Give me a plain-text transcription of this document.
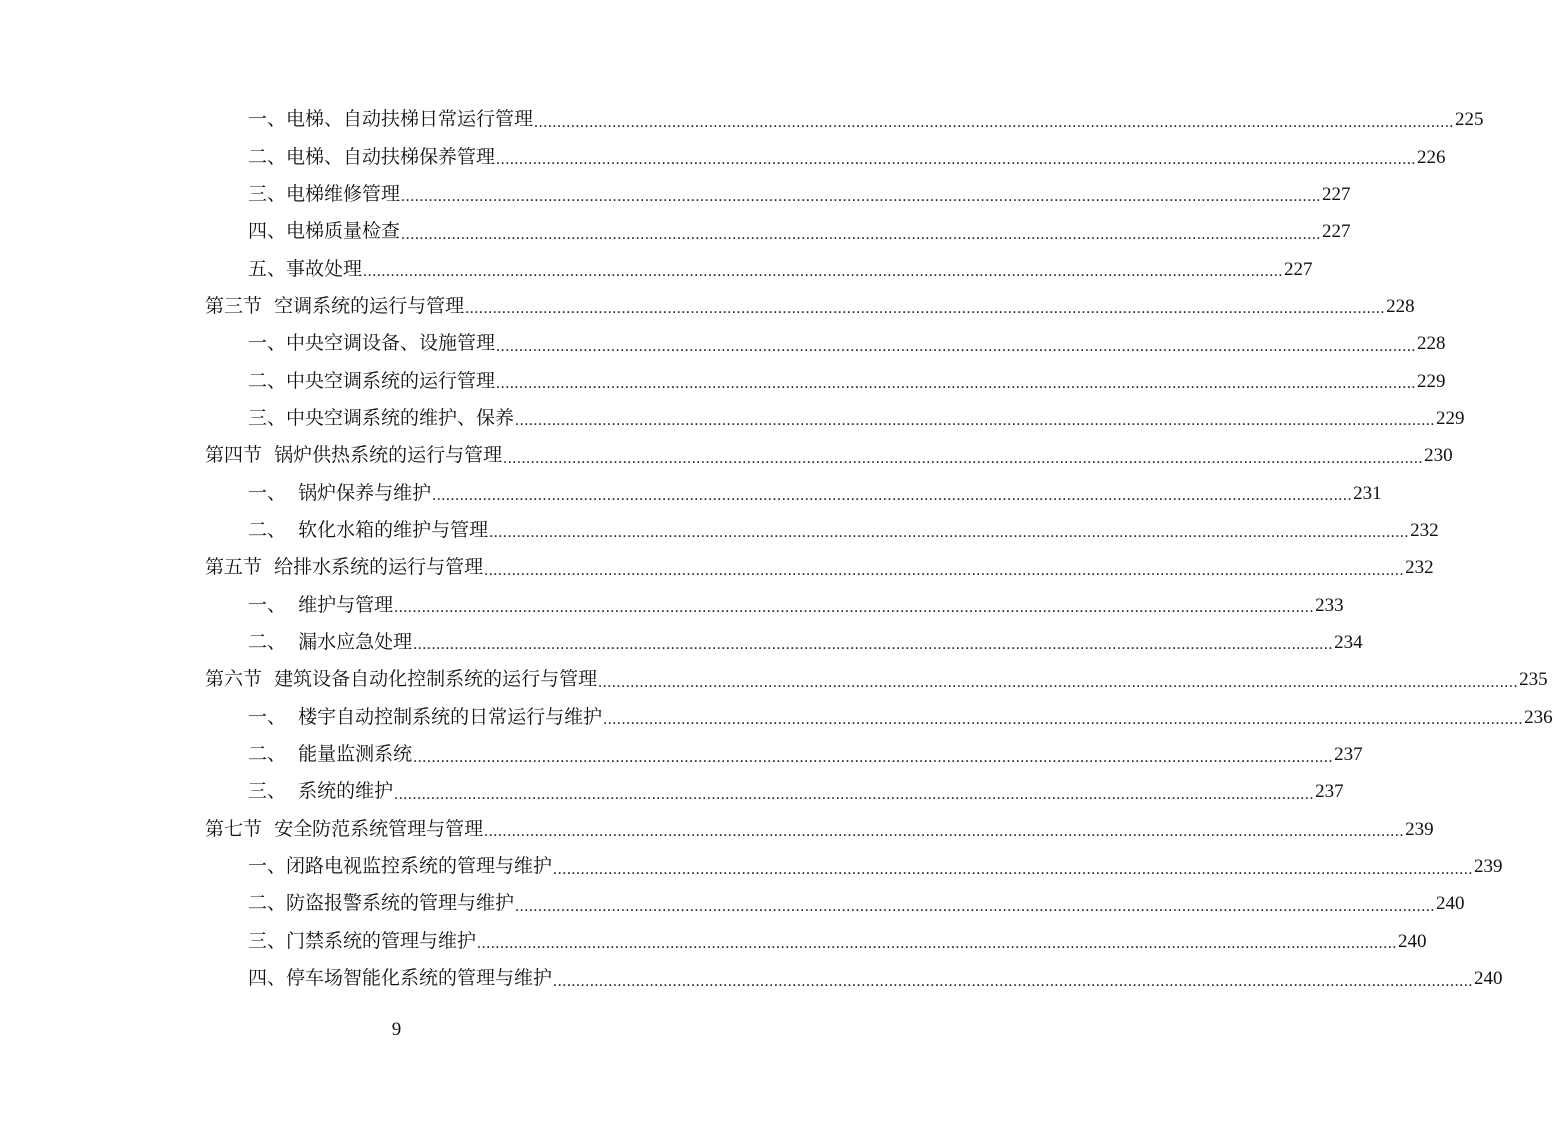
一、电梯、自动扶梯日常运行管理 ........................................................................................................................................................................................................ 225
二、电梯、自动扶梯保养管理 ........................................................................................................................................................................................................ 226
三、电梯维修管理 ........................................................................................................................................................................................................ 227
四、电梯质量检查 ........................................................................................................................................................................................................ 227
五、事故处理 ........................................................................................................................................................................................................ 227
第三节  空调系统的运行与管理 ........................................................................................................................................................................................................ 228
一、中央空调设备、设施管理 ........................................................................................................................................................................................................ 228
二、中央空调系统的运行管理 ........................................................................................................................................................................................................ 229
三、中央空调系统的维护、保养 ........................................................................................................................................................................................................ 229
第四节  锅炉供热系统的运行与管理 ........................................................................................................................................................................................................ 230
一、  锅炉保养与维护 ........................................................................................................................................................................................................ 231
二、  软化水箱的维护与管理 ........................................................................................................................................................................................................ 232
第五节  给排水系统的运行与管理 ........................................................................................................................................................................................................ 232
一、  维护与管理 ........................................................................................................................................................................................................ 233
二、  漏水应急处理 ........................................................................................................................................................................................................ 234
第六节  建筑设备自动化控制系统的运行与管理 ........................................................................................................................................................................................................ 235
一、  楼宇自动控制系统的日常运行与维护 ........................................................................................................................................................................................................ 236
二、  能量监测系统 ........................................................................................................................................................................................................ 237
三、  系统的维护 ........................................................................................................................................................................................................ 237
第七节  安全防范系统管理与管理 ........................................................................................................................................................................................................ 239
一、闭路电视监控系统的管理与维护 ........................................................................................................................................................................................................ 239
二、防盗报警系统的管理与维护 ........................................................................................................................................................................................................ 240
三、门禁系统的管理与维护 ........................................................................................................................................................................................................ 240
四、停车场智能化系统的管理与维护 ........................................................................................................................................................................................................ 240
9
